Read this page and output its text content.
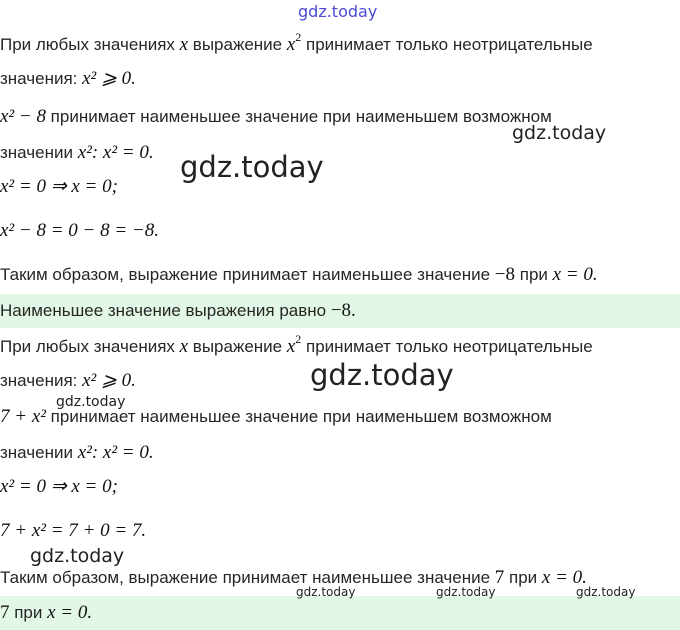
gdz.today
При любых значениях x выражение $x^2$ принимает только неотрицательные
значения: x² ⩾ 0.
x² − 8 принимает наименьшее значение при наименьшем возможном
значении x²: x² = 0.
x² = 0 ⇒ x = 0;
x² − 8 = 0 − 8 = −8.
Таким образом, выражение принимает наименьшее значение −8 при x = 0.
Наименьшее значение выражения равно −8.
При любых значениях x выражение $x^2$ принимает только неотрицательные
значения: x² ⩾ 0.
7 + x² принимает наименьшее значение при наименьшем возможном
значении x²: x² = 0.
x² = 0 ⇒ x = 0;
7 + x² = 7 + 0 = 7.
Таким образом, выражение принимает наименьшее значение 7 при x = 0.
7 при x = 0.
gdz.today
gdz.today
gdz.today
gdz.today
gdz.today
gdz.today	gdz.today	gdz.today
